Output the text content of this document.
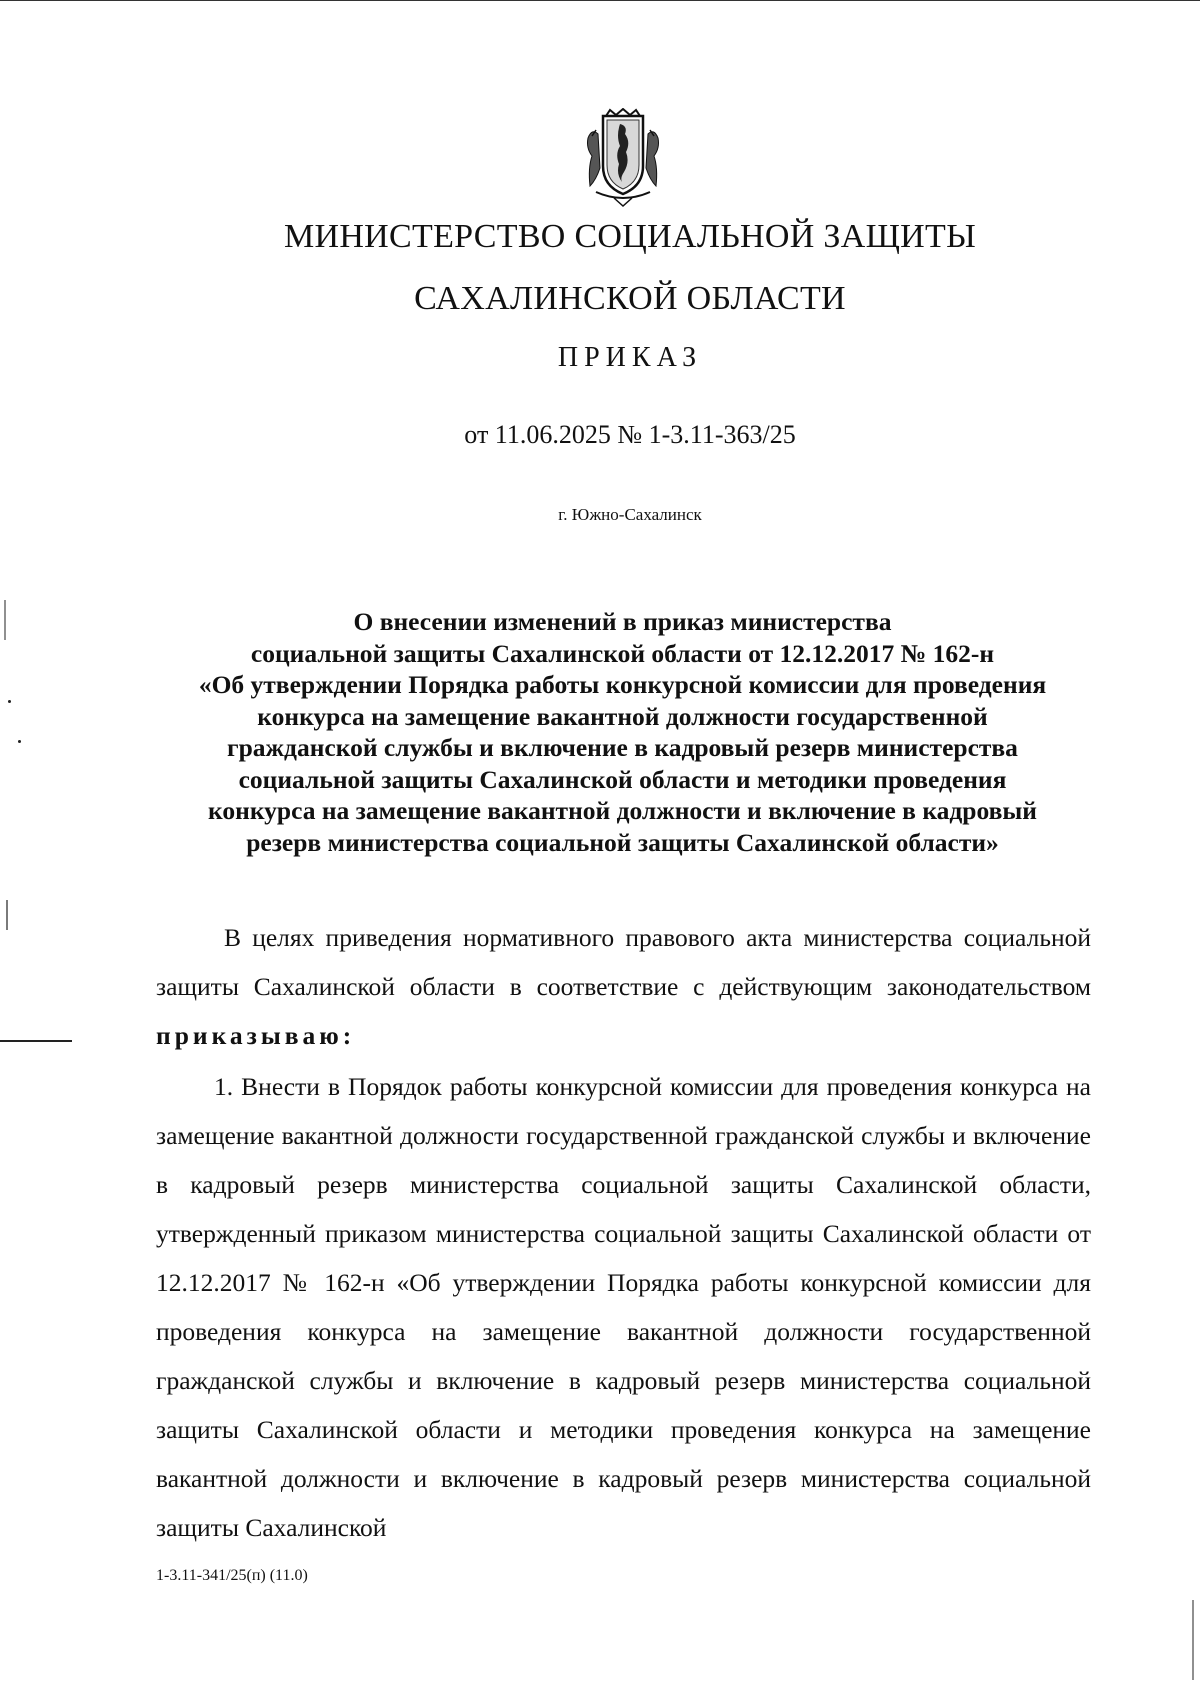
МИНИСТЕРСТВО СОЦИАЛЬНОЙ ЗАЩИТЫ
САХАЛИНСКОЙ ОБЛАСТИ
ПРИКАЗ
от 11.06.2025 № 1-3.11-363/25
г. Южно-Сахалинск
О внесении изменений в приказ министерства
социальной защиты Сахалинской области от 12.12.2017 № 162-н
«Об утверждении Порядка работы конкурсной комиссии для проведения
конкурса на замещение вакантной должности государственной
гражданской службы и включение в кадровый резерв министерства
социальной защиты Сахалинской области и методики проведения
конкурса на замещение вакантной должности и включение в кадровый
резерв министерства социальной защиты Сахалинской области»
В целях приведения нормативного правового акта министерства социальной защиты Сахалинской области в соответствие с действующим законодательством приказываю:
1. Внести в Порядок работы конкурсной комиссии для проведения конкурса на замещение вакантной должности государственной гражданской службы и включение в кадровый резерв министерства социальной защиты Сахалинской области, утвержденный приказом министерства социальной защиты Сахалинской области от 12.12.2017 № 162-н «Об утверждении Порядка работы конкурсной комиссии для проведения конкурса на замещение вакантной должности государственной гражданской службы и включение в кадровый резерв министерства социальной защиты Сахалинской области и методики проведения конкурса на замещение вакантной должности и включение в кадровый резерв министерства социальной защиты Сахалинской
1-3.11-341/25(п) (11.0)
